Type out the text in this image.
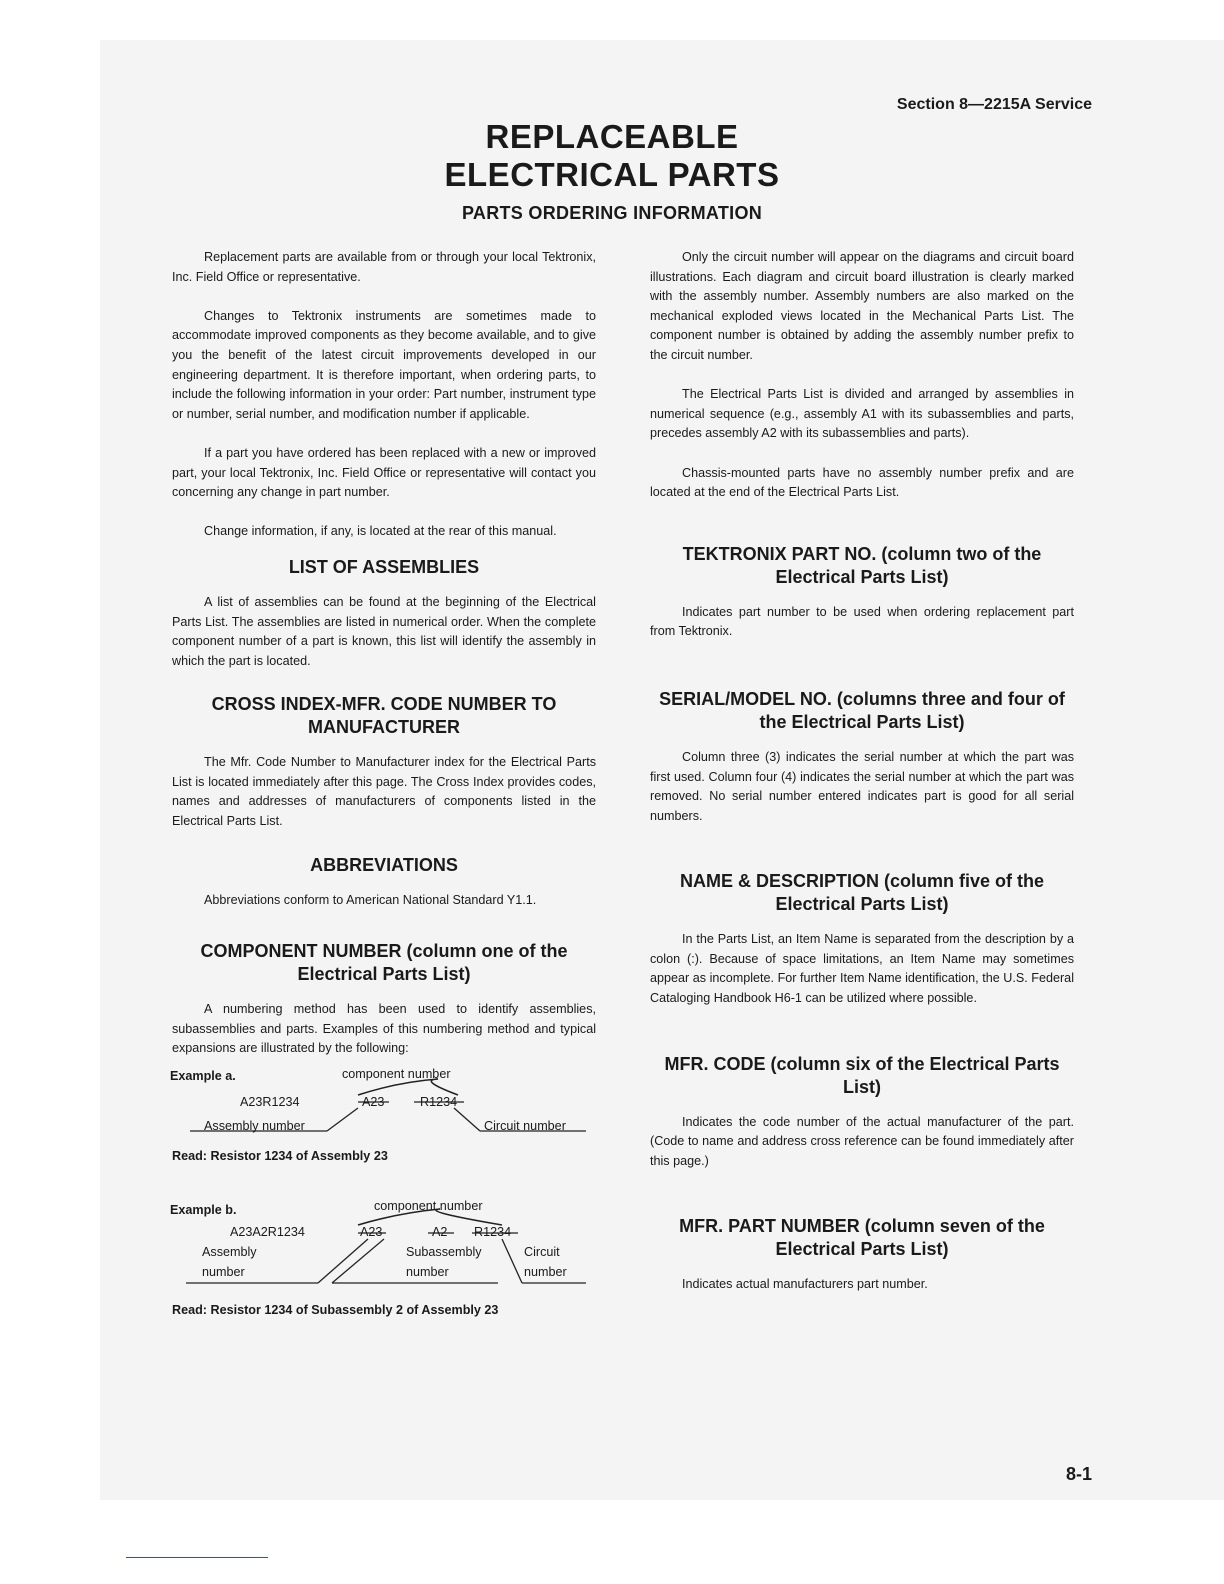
Section 8—2215A Service
REPLACEABLE
ELECTRICAL PARTS
PARTS ORDERING INFORMATION

Replacement parts are available from or through your local Tektronix, Inc. Field Office or representative.

Changes to Tektronix instruments are sometimes made to accommodate improved components as they become available, and to give you the benefit of the latest circuit improvements developed in our engineering department. It is therefore important, when ordering parts, to include the following information in your order: Part number, instrument type or number, serial number, and modification number if applicable.

If a part you have ordered has been replaced with a new or improved part, your local Tektronix, Inc. Field Office or representative will contact you concerning any change in part number.

Change information, if any, is located at the rear of this manual.

LIST OF ASSEMBLIES

A list of assemblies can be found at the beginning of the Electrical Parts List. The assemblies are listed in numerical order. When the complete component number of a part is known, this list will identify the assembly in which the part is located.

CROSS INDEX-MFR. CODE NUMBER TO MANUFACTURER

The Mfr. Code Number to Manufacturer index for the Electrical Parts List is located immediately after this page. The Cross Index provides codes, names and addresses of manufacturers of components listed in the Electrical Parts List.

ABBREVIATIONS

Abbreviations conform to American National Standard Y1.1.

COMPONENT NUMBER (column one of the Electrical Parts List)

A numbering method has been used to identify assemblies, subassemblies and parts. Examples of this numbering method and typical expansions are illustrated by the following:

Example a.	component number
A23R1234	A23	R1234
Assembly number	Circuit number

Read: Resistor 1234 of Assembly 23

Example b.	component number
A23A2R1234	A23	A2 R1234
Assembly
number
Subassembly
number
Circuit
number

Read: Resistor 1234 of Subassembly 2 of Assembly 23

Only the circuit number will appear on the diagrams and circuit board illustrations. Each diagram and circuit board illustration is clearly marked with the assembly number. Assembly numbers are also marked on the mechanical exploded views located in the Mechanical Parts List. The component number is obtained by adding the assembly number prefix to the circuit number.

The Electrical Parts List is divided and arranged by assemblies in numerical sequence (e.g., assembly A1 with its subassemblies and parts, precedes assembly A2 with its subassemblies and parts).

Chassis-mounted parts have no assembly number prefix and are located at the end of the Electrical Parts List.

TEKTRONIX PART NO. (column two of the Electrical Parts List)

Indicates part number to be used when ordering replacement part from Tektronix.

SERIAL/MODEL NO. (columns three and four of the Electrical Parts List)

Column three (3) indicates the serial number at which the part was first used. Column four (4) indicates the serial number at which the part was removed. No serial number entered indicates part is good for all serial numbers.

NAME & DESCRIPTION (column five of the Electrical Parts List)

In the Parts List, an Item Name is separated from the description by a colon (:). Because of space limitations, an Item Name may sometimes appear as incomplete. For further Item Name identification, the U.S. Federal Cataloging Handbook H6-1 can be utilized where possible.

MFR. CODE (column six of the Electrical Parts List)

Indicates the code number of the actual manufacturer of the part. (Code to name and address cross reference can be found immediately after this page.)

MFR. PART NUMBER (column seven of the Electrical Parts List)

Indicates actual manufacturers part number.

8-1
